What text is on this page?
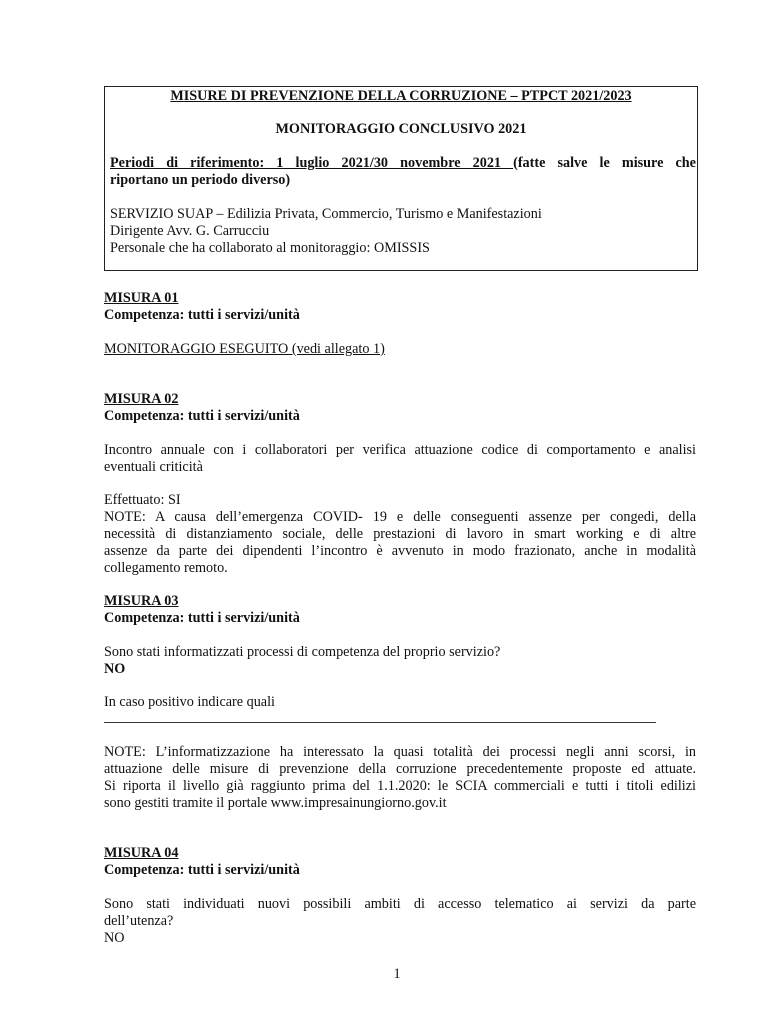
MISURE DI PREVENZIONE DELLA CORRUZIONE – PTPCT 2021/2023
MONITORAGGIO CONCLUSIVO 2021
Periodi di riferimento: 1 luglio 2021/30 novembre 2021 (fatte salve le misure che
riportano un periodo diverso)
SERVIZIO SUAP – Edilizia Privata, Commercio, Turismo e Manifestazioni
Dirigente Avv. G. Carrucciu
Personale che ha collaborato al monitoraggio: OMISSIS
MISURA 01
Competenza: tutti i servizi/unità
MONITORAGGIO ESEGUITO (vedi allegato 1)
MISURA 02
Competenza: tutti i servizi/unità
Incontro annuale con i collaboratori per verifica attuazione codice di comportamento e analisi
eventuali criticità
Effettuato: SI
NOTE: A causa dell’emergenza COVID- 19 e delle conseguenti assenze per congedi, della
necessità di distanziamento sociale, delle prestazioni di lavoro in smart working e di altre
assenze da parte dei dipendenti l’incontro è avvenuto in modo frazionato, anche in modalità
collegamento remoto.
MISURA 03
Competenza: tutti i servizi/unità
Sono stati informatizzati processi di competenza del proprio servizio?
NO
In caso positivo indicare quali
NOTE: L’informatizzazione ha interessato la quasi totalità dei processi negli anni scorsi, in
attuazione delle misure di prevenzione della corruzione precedentemente proposte ed attuate.
Si riporta il livello già raggiunto prima del 1.1.2020: le SCIA commerciali e tutti i titoli edilizi
sono gestiti tramite il portale www.impresainungiorno.gov.it
MISURA 04
Competenza: tutti i servizi/unità
Sono stati individuati nuovi possibili ambiti di accesso telematico ai servizi da parte
dell’utenza?
NO
1
